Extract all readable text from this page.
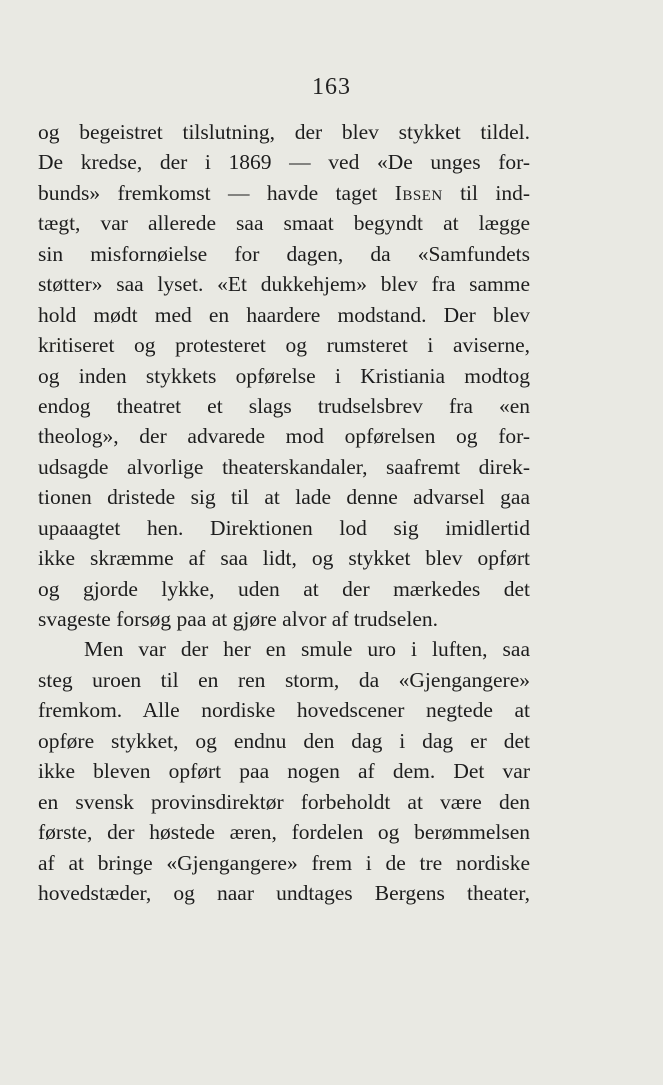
163
og begeistret tilslutning, der blev stykket tildel.
De kredse, der i 1869 — ved «De unges for-
bunds» fremkomst — havde taget Ibsen til ind-
tægt, var allerede saa smaat begyndt at lægge
sin misfornøielse for dagen, da «Samfundets
støtter» saa lyset. «Et dukkehjem» blev fra samme
hold mødt med en haardere modstand. Der blev
kritiseret og protesteret og rumsteret i aviserne,
og inden stykkets opførelse i Kristiania modtog
endog theatret et slags trudselsbrev fra «en
theolog», der advarede mod opførelsen og for-
udsagde alvorlige theaterskandaler, saafremt direk-
tionen dristede sig til at lade denne advarsel gaa
upaaagtet hen. Direktionen lod sig imidlertid
ikke skræmme af saa lidt, og stykket blev opført
og gjorde lykke, uden at der mærkedes det
svageste forsøg paa at gjøre alvor af trudselen.
Men var der her en smule uro i luften, saa
steg uroen til en ren storm, da «Gjengangere»
fremkom. Alle nordiske hovedscener negtede at
opføre stykket, og endnu den dag i dag er det
ikke bleven opført paa nogen af dem. Det var
en svensk provinsdirektør forbeholdt at være den
første, der høstede æren, fordelen og berømmelsen
af at bringe «Gjengangere» frem i de tre nordiske
hovedstæder, og naar undtages Bergens theater,
